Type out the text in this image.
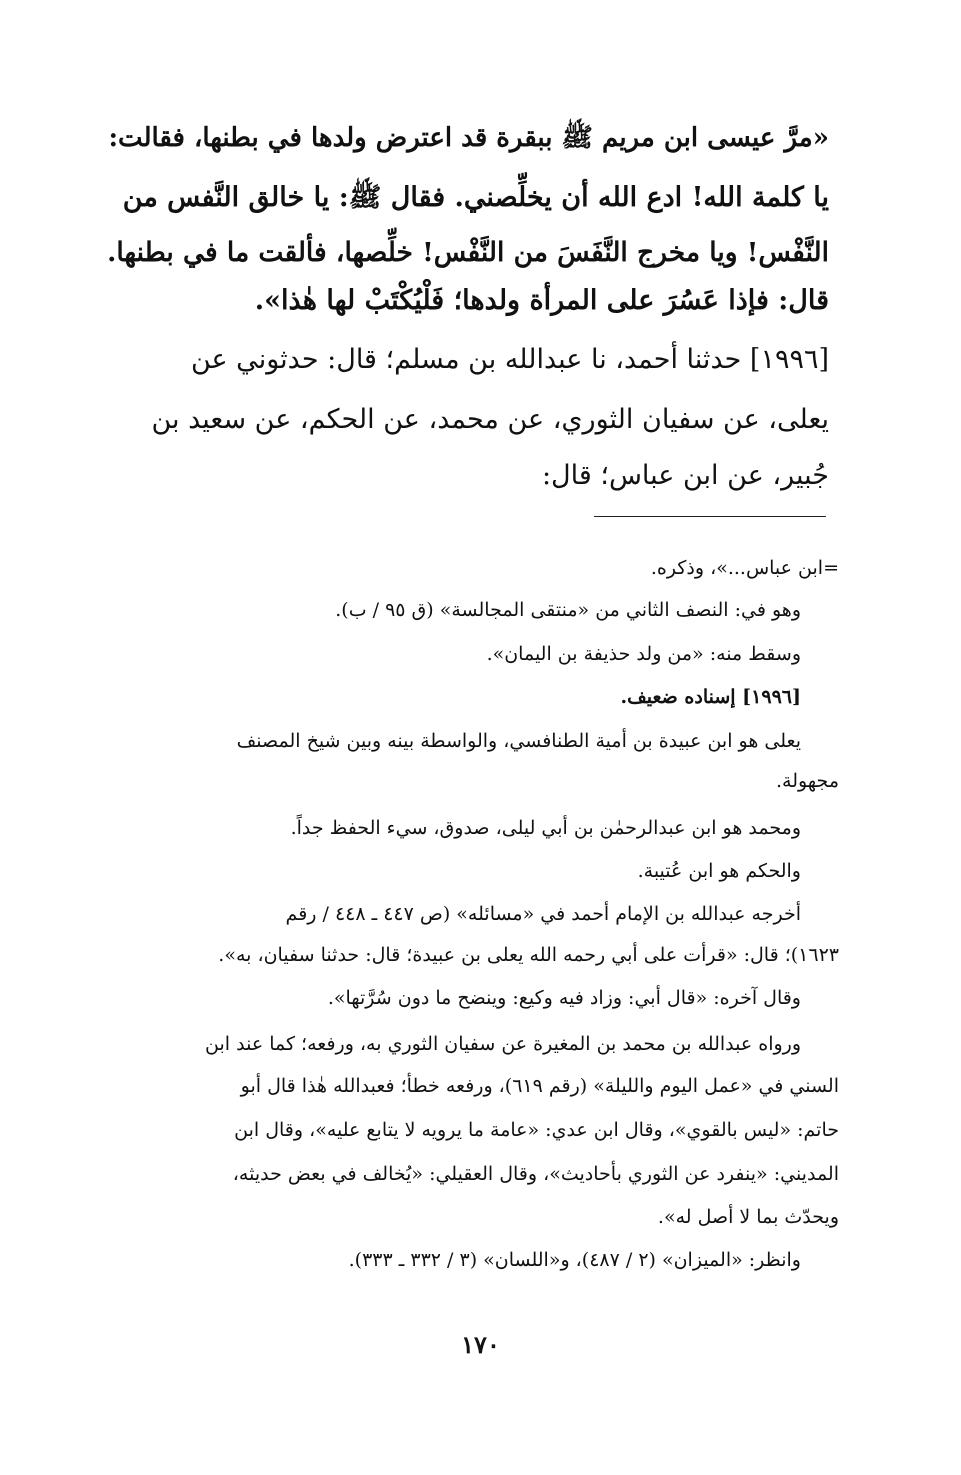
«مرَّ عيسى ابن مريم ﷺ ببقرة قد اعترض ولدها في بطنها، فقالت:
يا كلمة الله! ادع الله أن يخلِّصني. فقال ﷺ: يا خالق النَّفس من
النَّفْس! ويا مخرج النَّفَسَ من النَّفْس! خلِّصها، فألقت ما في بطنها.
قال: فإذا عَسُرَ على المرأة ولدها؛ فَلْيُكْتَبْ لها هٰذا».
[١٩٩٦] حدثنا أحمد، نا عبدالله بن مسلم؛ قال: حدثوني عن
يعلى، عن سفيان الثوري، عن محمد، عن الحكم، عن سعيد بن
جُبير، عن ابن عباس؛ قال:
=ابن عباس...»، وذكره.
وهو في: النصف الثاني من «منتقى المجالسة» (ق ٩٥ / ب).
وسقط منه: «من ولد حذيفة بن اليمان».
[١٩٩٦] إسناده ضعيف.
يعلى هو ابن عبيدة بن أمية الطنافسي، والواسطة بينه وبين شيخ المصنف
مجهولة.
ومحمد هو ابن عبدالرحمٰن بن أبي ليلى، صدوق، سيء الحفظ جداً.
والحكم هو ابن عُتيبة.
أخرجه عبدالله بن الإمام أحمد في «مسائله» (ص ٤٤٧ ـ ٤٤٨ / رقم
١٦٢٣)؛ قال: «قرأت على أبي رحمه الله يعلى بن عبيدة؛ قال: حدثنا سفيان، به».
وقال آخره: «قال أبي: وزاد فيه وكيع: وينضح ما دون سُرَّتها».
ورواه عبدالله بن محمد بن المغيرة عن سفيان الثوري به، ورفعه؛ كما عند ابن
السني في «عمل اليوم والليلة» (رقم ٦١٩)، ورفعه خطأ؛ فعبدالله هٰذا قال أبو
حاتم: «ليس بالقوي»، وقال ابن عدي: «عامة ما يرويه لا يتابع عليه»، وقال ابن
المديني: «ينفرد عن الثوري بأحاديث»، وقال العقيلي: «يُخالف في بعض حديثه،
ويحدّث بما لا أصل له».
وانظر: «الميزان» (٢ / ٤٨٧)، و«اللسان» (٣ / ٣٣٢ ـ ٣٣٣).
١٧٠
